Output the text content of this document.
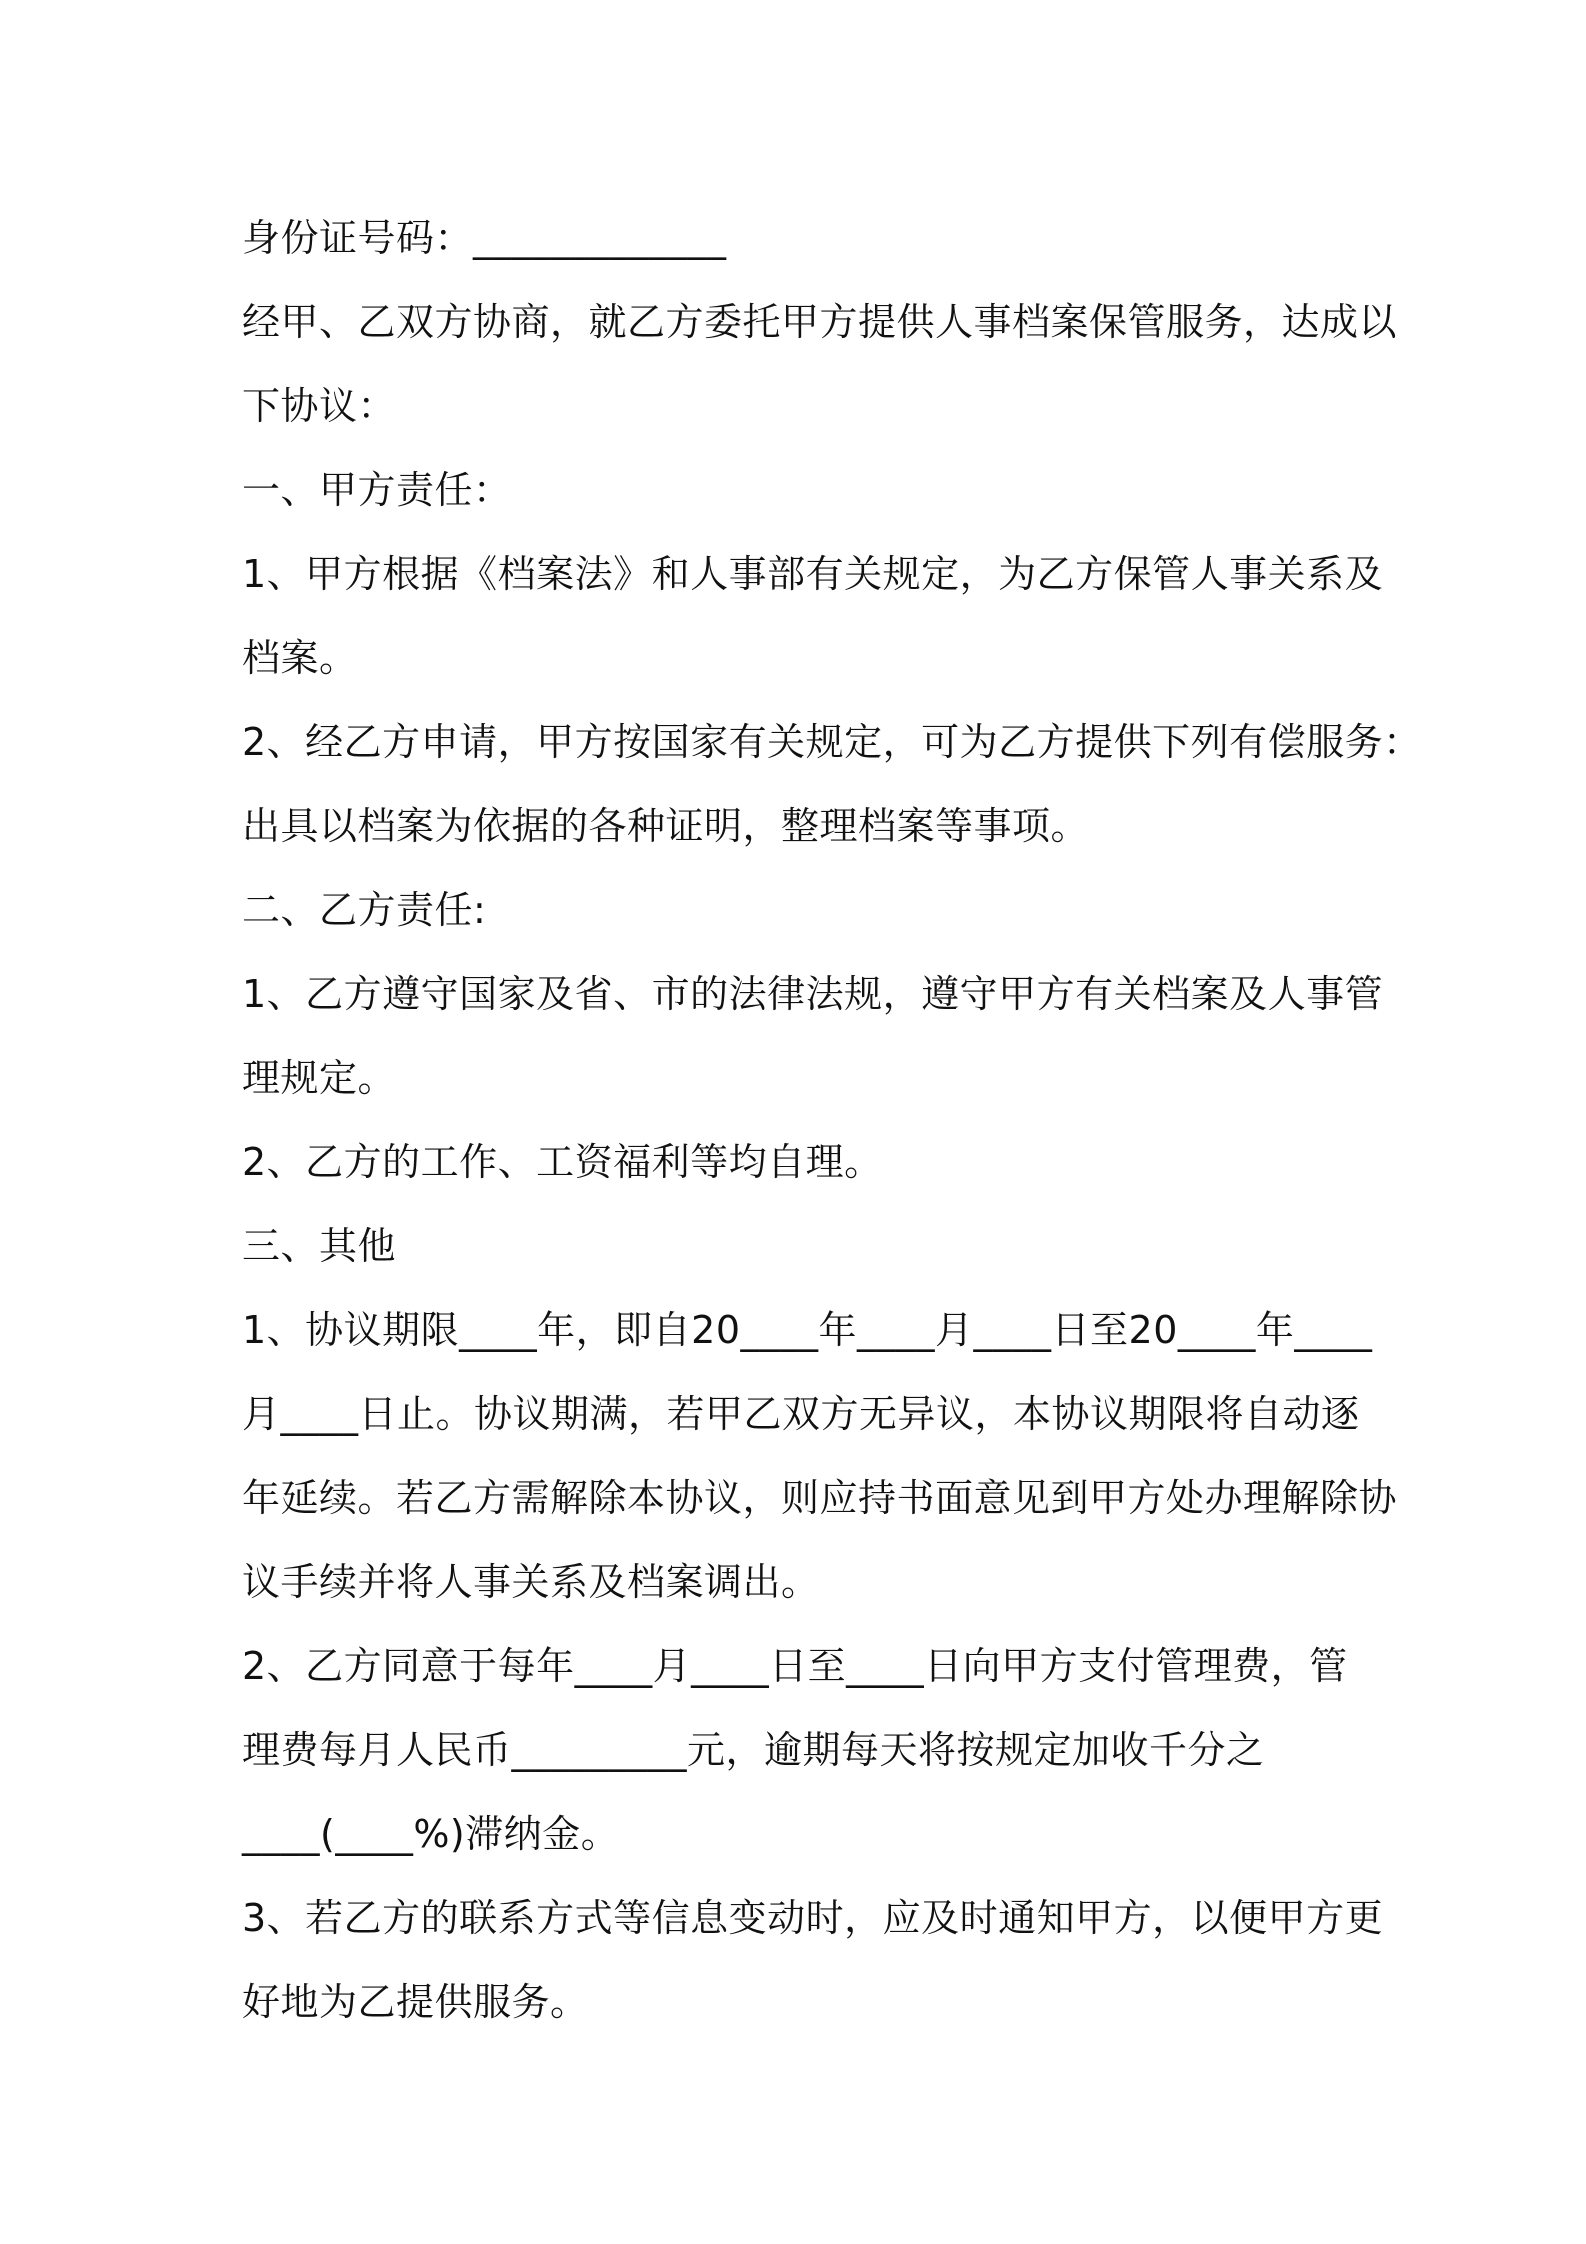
身份证号码：_____________
经甲、乙双方协商，就乙方委托甲方提供人事档案保管服务，达成以
下协议：
一、甲方责任：
1、甲方根据《档案法》和人事部有关规定，为乙方保管人事关系及
档案。
2、经乙方申请，甲方按国家有关规定，可为乙方提供下列有偿服务：
出具以档案为依据的各种证明，整理档案等事项。
二、乙方责任:
1、乙方遵守国家及省、市的法律法规，遵守甲方有关档案及人事管
理规定。
2、乙方的工作、工资福利等均自理。
三、其他
1、协议期限____年，即自20____年____月____日至20____年____
月____日止。协议期满，若甲乙双方无异议，本协议期限将自动逐
年延续。若乙方需解除本协议，则应持书面意见到甲方处办理解除协
议手续并将人事关系及档案调出。
2、乙方同意于每年____月____日至____日向甲方支付管理费，管
理费每月人民币_________元，逾期每天将按规定加收千分之
____(____%)滞纳金。
3、若乙方的联系方式等信息变动时，应及时通知甲方，以便甲方更
好地为乙提供服务。
